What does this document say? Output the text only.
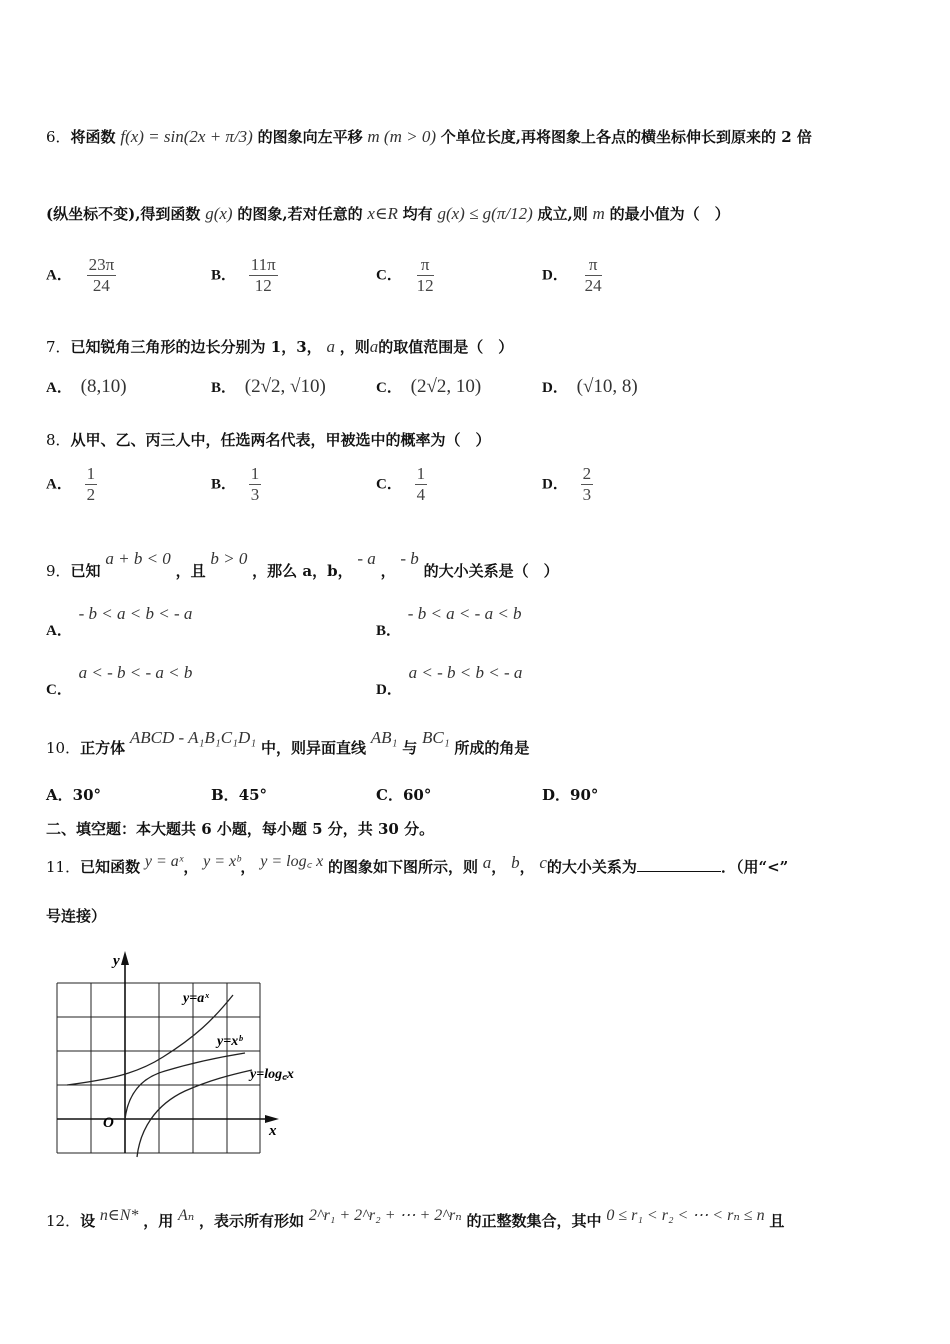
6．将函数 f(x) = sin(2x + π/3) 的图象向左平移 m (m > 0) 个单位长度,再将图象上各点的横坐标伸长到原来的 2 倍
(纵坐标不变),得到函数 g(x) 的图象,若对任意的 x∈R 均有 g(x) ≤ g(π/12) 成立,则 m 的最小值为（　）
A． $\frac{23\pi}{24}$	B． $\frac{11\pi}{12}$	C． $\frac{\pi}{12}$	D． $\frac{\pi}{24}$
7．已知锐角三角形的边长分别为 1，3， a ，则a的取值范围是（　）
A． (8,10)	B． (2√2, √10)	C． (2√2, 10)	D． (√10, 8)
8．从甲、乙、丙三人中，任选两名代表，甲被选中的概率为（　）
A． $\frac{1}{2}$	B． $\frac{1}{3}$	C． $\frac{1}{4}$	D． $\frac{2}{3}$
9．已知 a + b < 0 ，且 b > 0 ，那么 a，b， - a ， - b 的大小关系是（　）
A． - b < a < b < - a
B． - b < a < - a < b
C． a < - b < - a < b
D． a < - b < b < - a
10．正方体 ABCD - A₁B₁C₁D₁ 中，则异面直线 AB₁ 与 BC₁ 所成的角是
A．30°	B．45°	C．60°	D．90°
二、填空题：本大题共 6 小题，每小题 5 分，共 30 分。
11．已知函数 y = aˣ， y = xᵇ， y = log꜀ x 的图象如下图所示，则 a， b， c的大小关系为	．（用“<”
号连接）
y
x
O
y=aˣ
y=xᵇ
y=log꜀x
12．设 n∈N* ，用 Aₙ ，表示所有形如 2^r₁ + 2^r₂ + ⋯ + 2^rₙ 的正整数集合，其中 0 ≤ r₁ < r₂ < ⋯ < rₙ ≤ n 且
